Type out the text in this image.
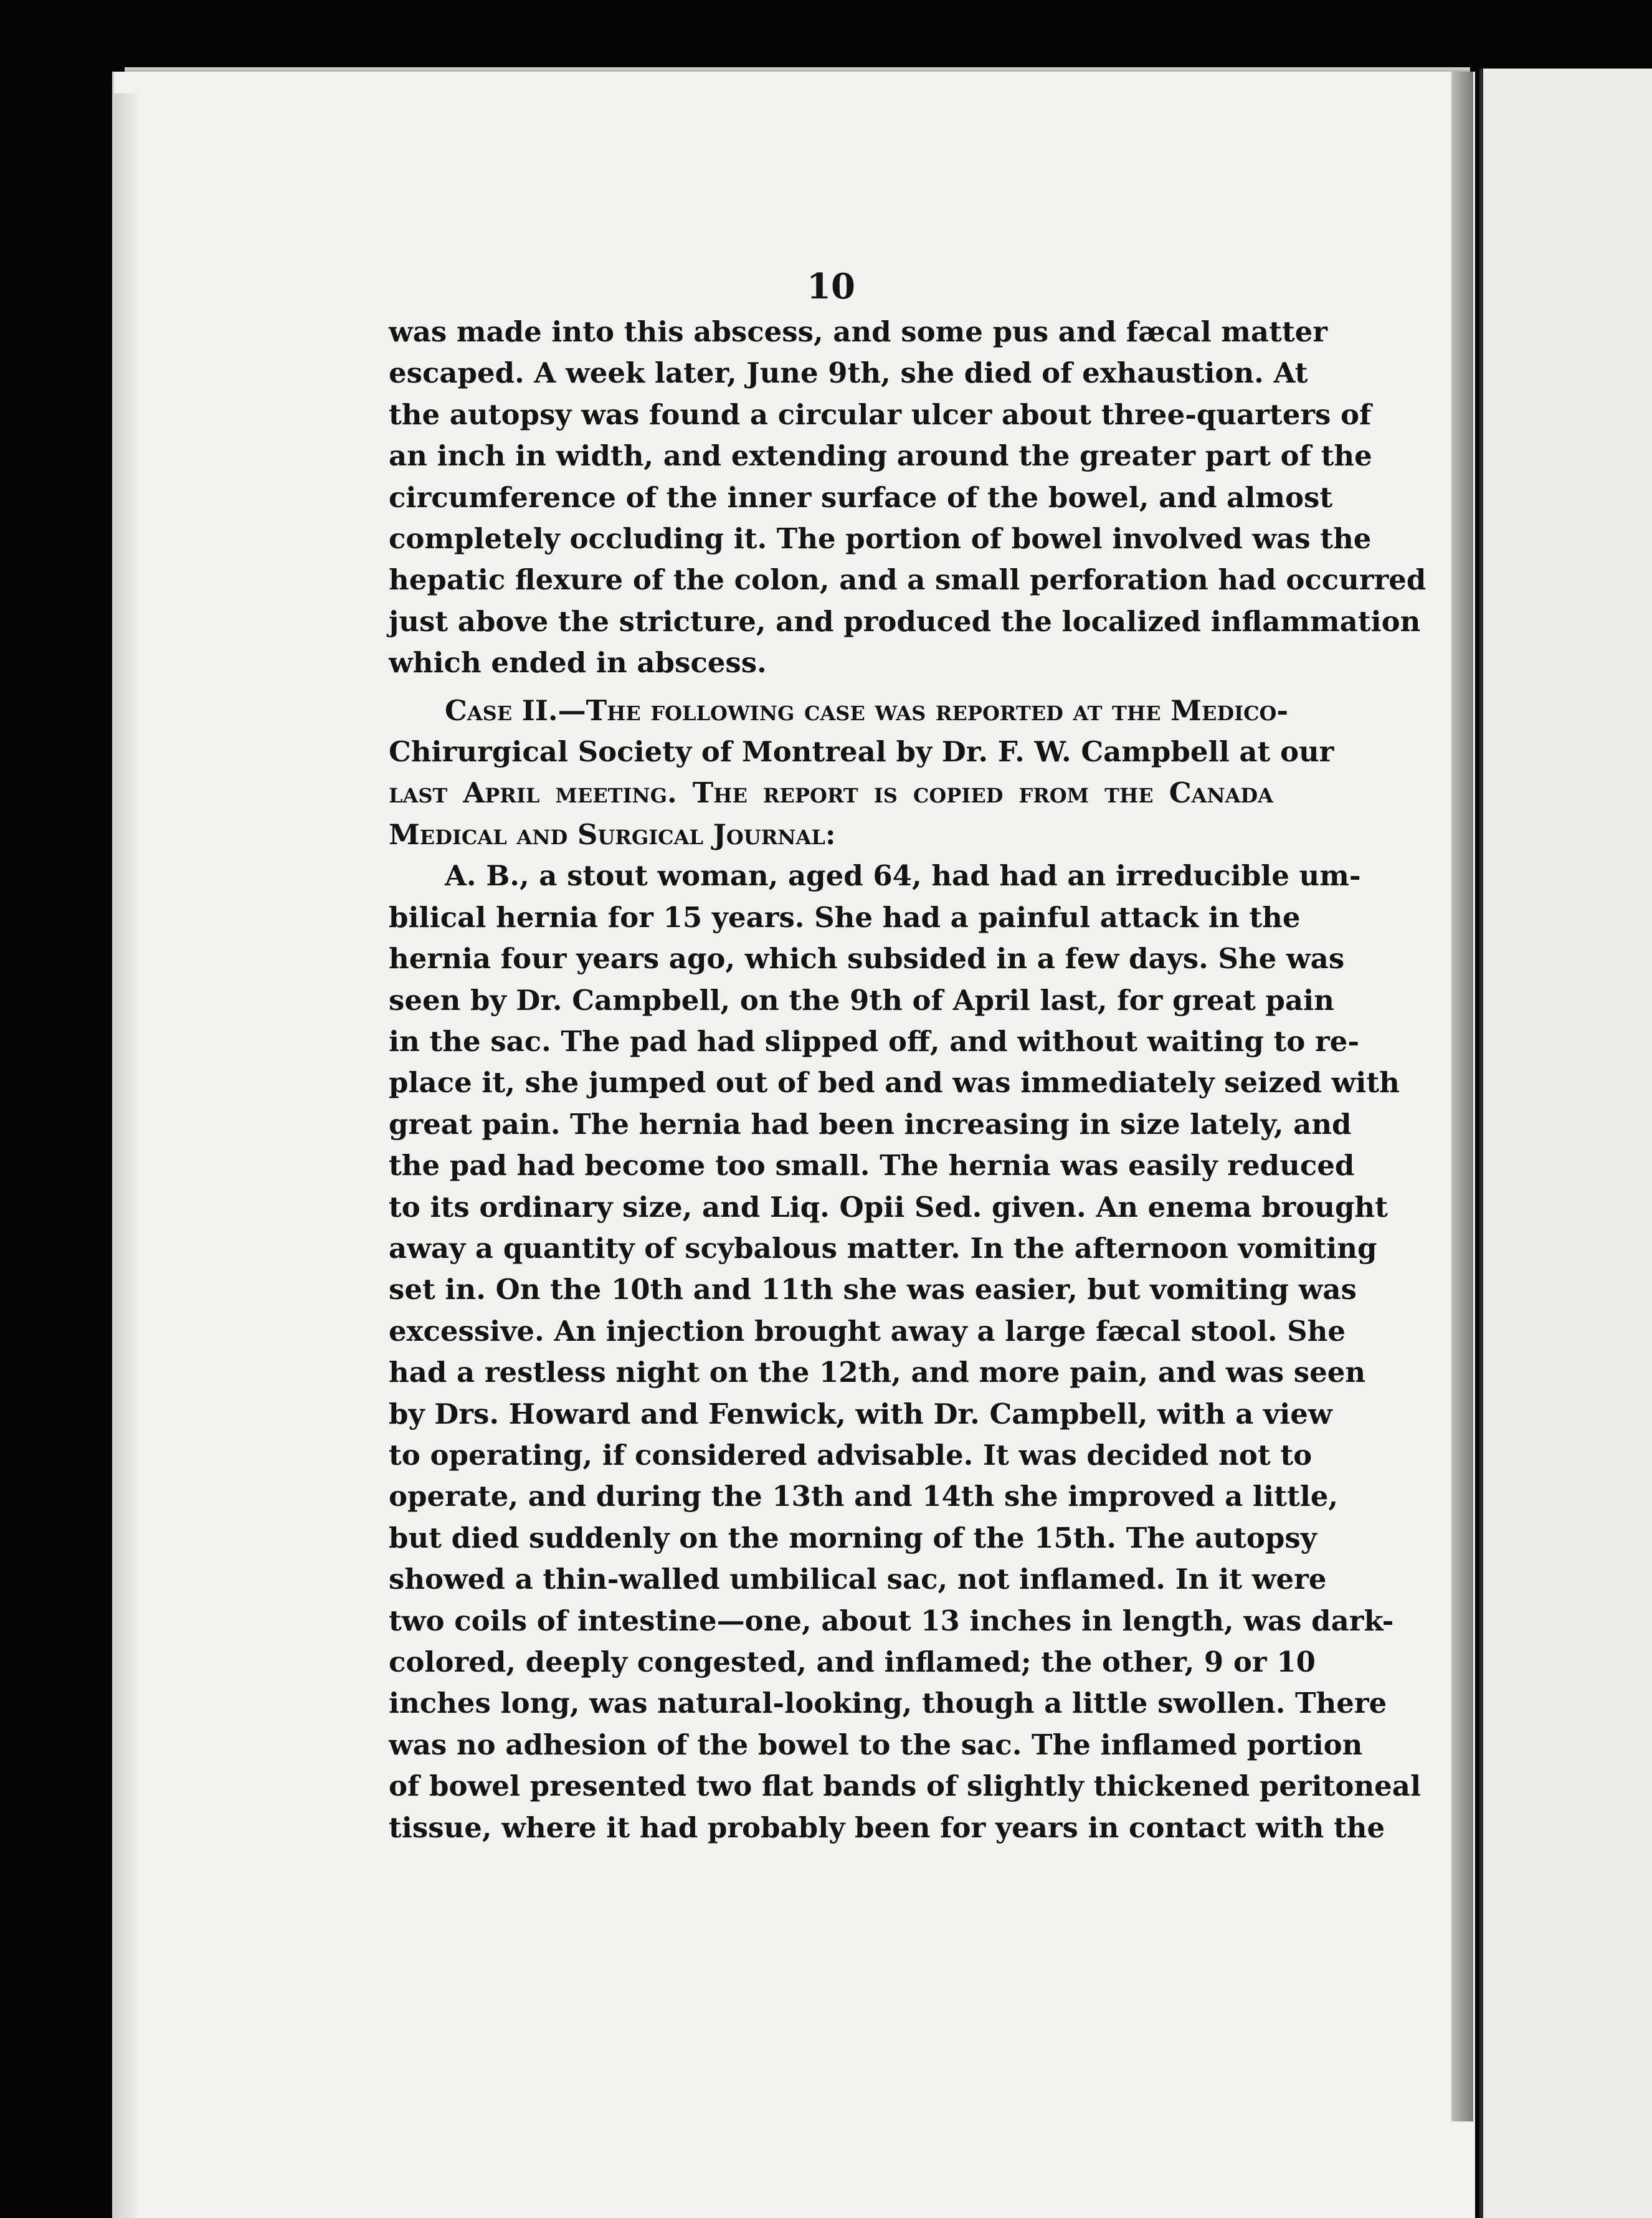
10
was made into this abscess, and some pus and fæcal matter
escaped. A week later, June 9th, she died of exhaustion. At
the autopsy was found a circular ulcer about three-quarters of
an inch in width, and extending around the greater part of the
circumference of the inner surface of the bowel, and almost
completely occluding it. The portion of bowel involved was the
hepatic flexure of the colon, and a small perforation had occurred
just above the stricture, and produced the localized inflammation
which ended in abscess.
Case II.—The following case was reported at the Medico-
Chirurgical Society of Montreal by Dr. F. W. Campbell at our
last April meeting. The report is copied from the Canada
Medical and Surgical Journal:
A. B., a stout woman, aged 64, had had an irreducible um-
bilical hernia for 15 years. She had a painful attack in the
hernia four years ago, which subsided in a few days. She was
seen by Dr. Campbell, on the 9th of April last, for great pain
in the sac. The pad had slipped off, and without waiting to re-
place it, she jumped out of bed and was immediately seized with
great pain. The hernia had been increasing in size lately, and
the pad had become too small. The hernia was easily reduced
to its ordinary size, and Liq. Opii Sed. given. An enema brought
away a quantity of scybalous matter. In the afternoon vomiting
set in. On the 10th and 11th she was easier, but vomiting was
excessive. An injection brought away a large fæcal stool. She
had a restless night on the 12th, and more pain, and was seen
by Drs. Howard and Fenwick, with Dr. Campbell, with a view
to operating, if considered advisable. It was decided not to
operate, and during the 13th and 14th she improved a little,
but died suddenly on the morning of the 15th. The autopsy
showed a thin-walled umbilical sac, not inflamed. In it were
two coils of intestine—one, about 13 inches in length, was dark-
colored, deeply congested, and inflamed; the other, 9 or 10
inches long, was natural-looking, though a little swollen. There
was no adhesion of the bowel to the sac. The inflamed portion
of bowel presented two flat bands of slightly thickened peritoneal
tissue, where it had probably been for years in contact with the
